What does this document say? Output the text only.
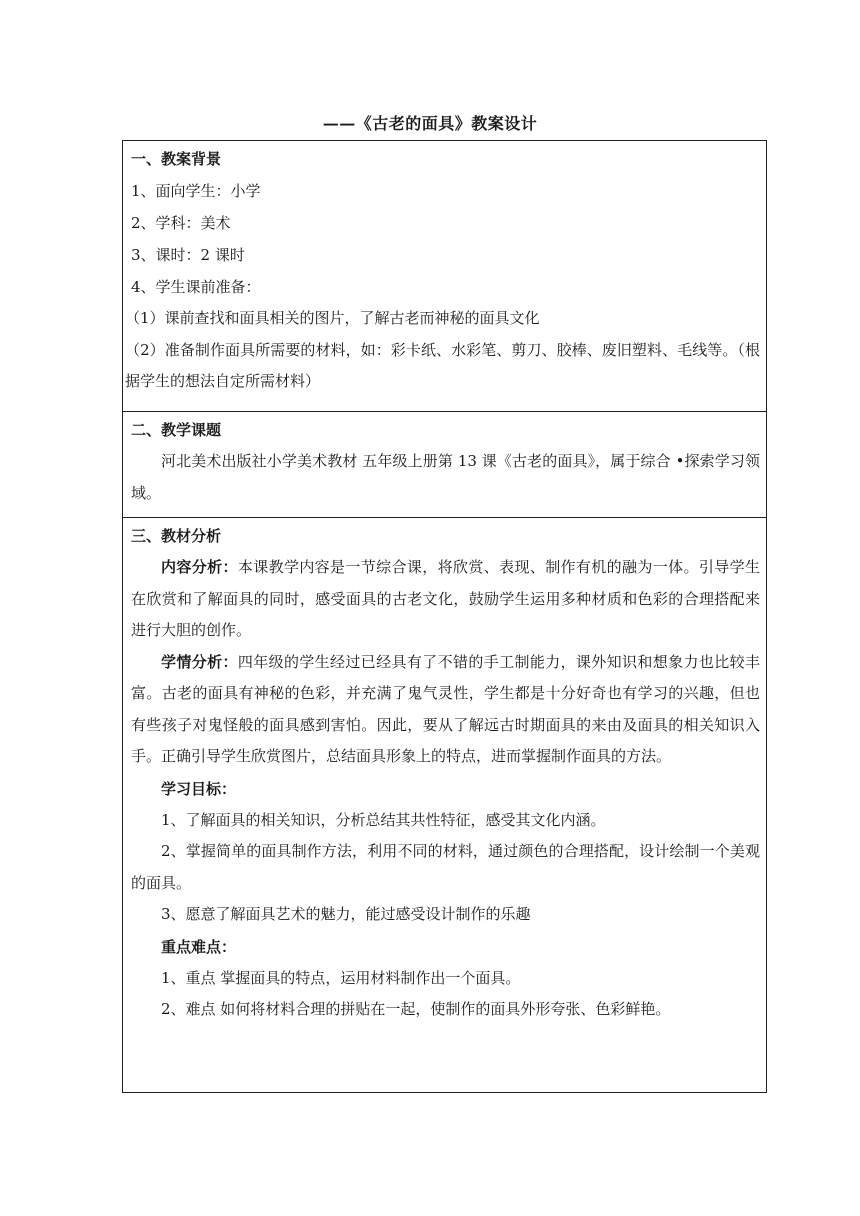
——《古老的面具》教案设计
一、教案背景
1、面向学生：小学
2、学科：美术
3、课时：2 课时
4、学生课前准备：
（1）课前查找和面具相关的图片，了解古老而神秘的面具文化
（2）准备制作面具所需要的材料，如：彩卡纸、水彩笔、剪刀、胶棒、废旧塑料、毛线等。（根据学生的想法自定所需材料）
二、教学课题
河北美术出版社小学美术教材 五年级上册第 13 课《古老的面具》，属于综合 •探索学习领域。
三、教材分析
内容分析：本课教学内容是一节综合课，将欣赏、表现、制作有机的融为一体。引导学生在欣赏和了解面具的同时，感受面具的古老文化，鼓励学生运用多种材质和色彩的合理搭配来进行大胆的创作。
学情分析：四年级的学生经过已经具有了不错的手工制能力，课外知识和想象力也比较丰富。古老的面具有神秘的色彩，并充满了鬼气灵性，学生都是十分好奇也有学习的兴趣，但也有些孩子对鬼怪般的面具感到害怕。因此，要从了解远古时期面具的来由及面具的相关知识入手。正确引导学生欣赏图片，总结面具形象上的特点，进而掌握制作面具的方法。
学习目标：
1、了解面具的相关知识，分析总结其共性特征，感受其文化内涵。
2、掌握简单的面具制作方法，利用不同的材料，通过颜色的合理搭配，设计绘制一个美观的面具。
3、愿意了解面具艺术的魅力，能过感受设计制作的乐趣
重点难点：
1、重点 掌握面具的特点，运用材料制作出一个面具。
2、难点 如何将材料合理的拼贴在一起，使制作的面具外形夸张、色彩鲜艳。
